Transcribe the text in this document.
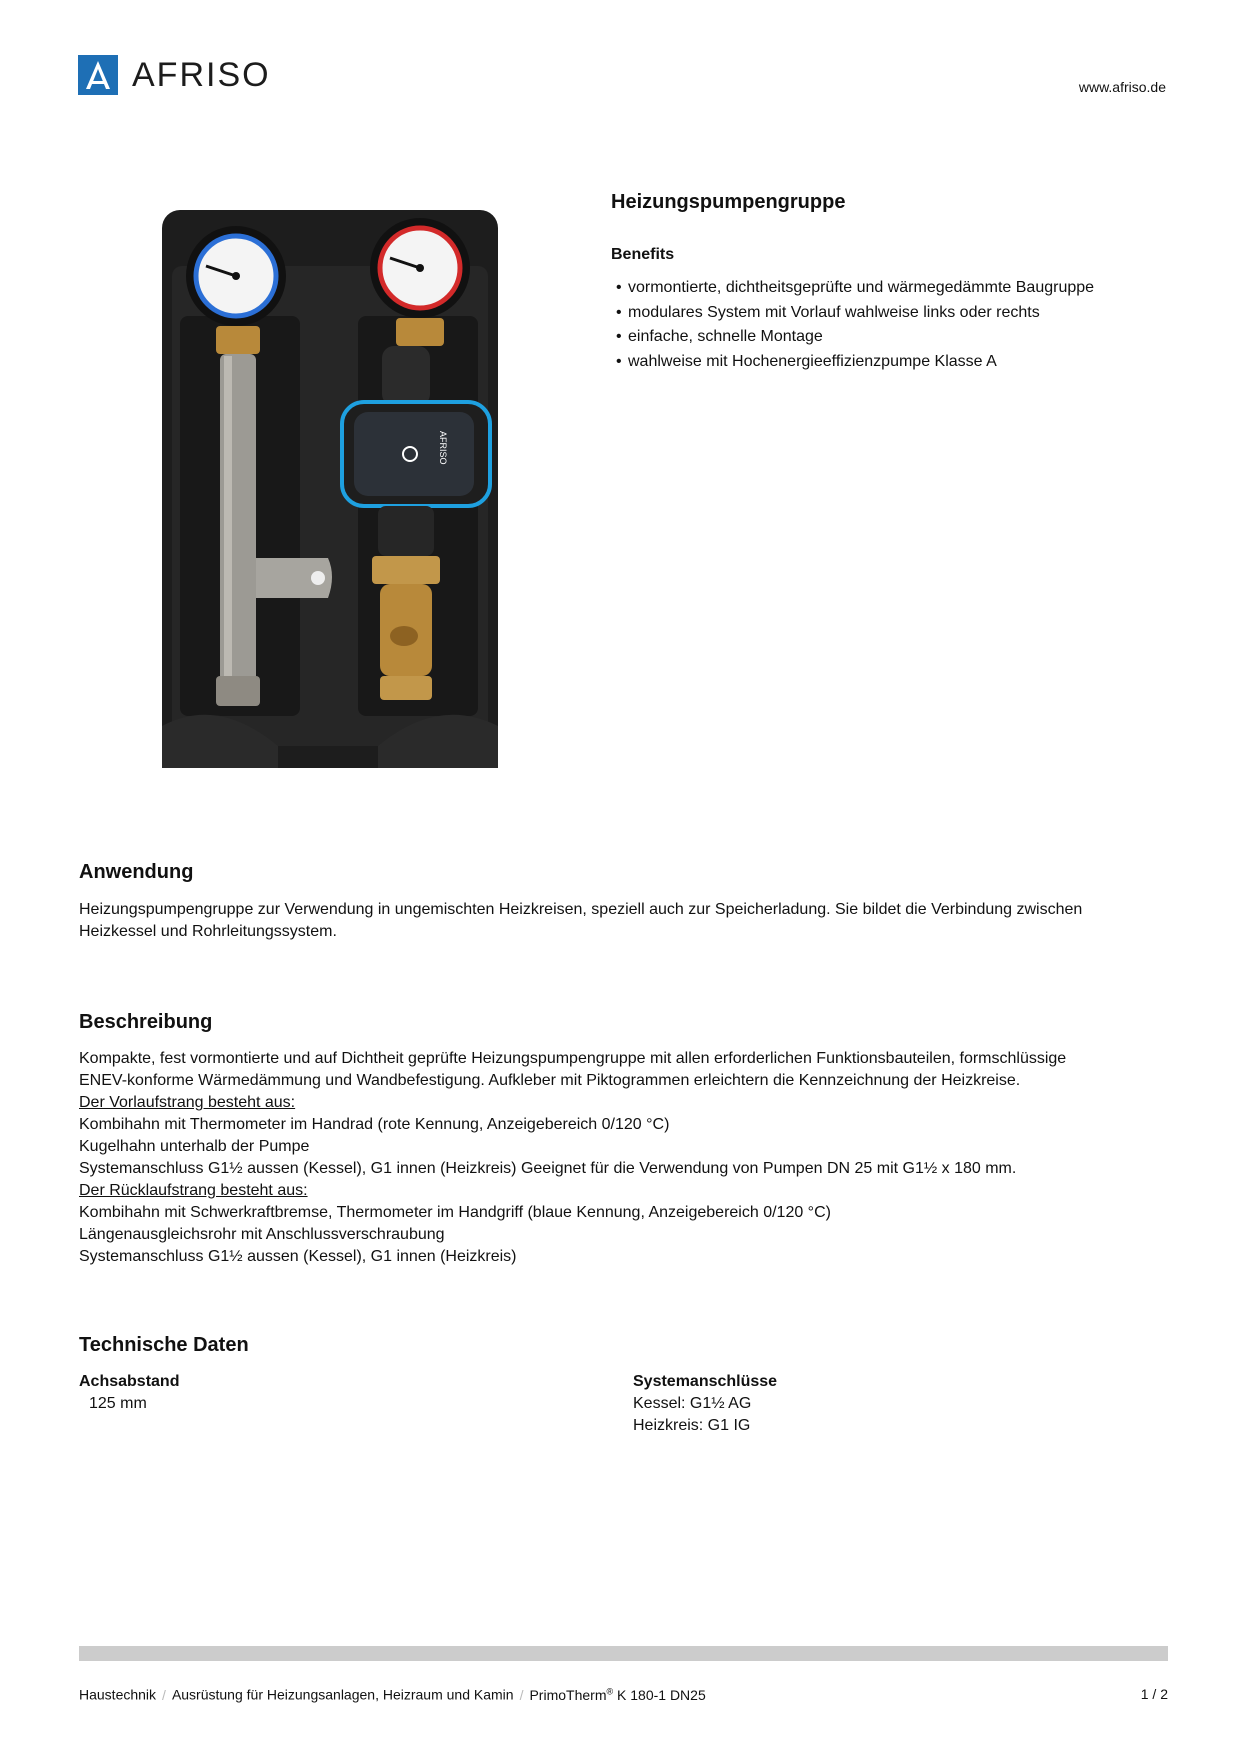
AFRISO	www.afriso.de
AFRISO
Heizungspumpengruppe
Benefits
• vormontierte, dichtheitsgeprüfte und wärmegedämmte Baugruppe
• modulares System mit Vorlauf wahlweise links oder rechts
• einfache, schnelle Montage
• wahlweise mit Hochenergieeffizienzpumpe Klasse A
Anwendung
Heizungspumpengruppe zur Verwendung in ungemischten Heizkreisen, speziell auch zur Speicherladung. Sie bildet die Verbindung zwischen
Heizkessel und Rohrleitungssystem.
Beschreibung
Kompakte, fest vormontierte und auf Dichtheit geprüfte Heizungspumpengruppe mit allen erforderlichen Funktionsbauteilen, formschlüssige
ENEV-konforme Wärmedämmung und Wandbefestigung. Aufkleber mit Piktogrammen erleichtern die Kennzeichnung der Heizkreise.
Der Vorlaufstrang besteht aus:
Kombihahn mit Thermometer im Handrad (rote Kennung, Anzeigebereich 0/120 °C)
Kugelhahn unterhalb der Pumpe
Systemanschluss G1½ aussen (Kessel), G1 innen (Heizkreis) Geeignet für die Verwendung von Pumpen DN 25 mit G1½ x 180 mm.
Der Rücklaufstrang besteht aus:
Kombihahn mit Schwerkraftbremse, Thermometer im Handgriff (blaue Kennung, Anzeigebereich 0/120 °C)
Längenausgleichsrohr mit Anschlussverschraubung
Systemanschluss G1½ aussen (Kessel), G1 innen (Heizkreis)
Technische Daten
Achsabstand
125 mm
Systemanschlüsse
Kessel: G1½ AG
Heizkreis: G1 IG
Haustechnik / Ausrüstung für Heizungsanlagen, Heizraum und Kamin / PrimoTherm® K 180-1 DN25	1 / 2
